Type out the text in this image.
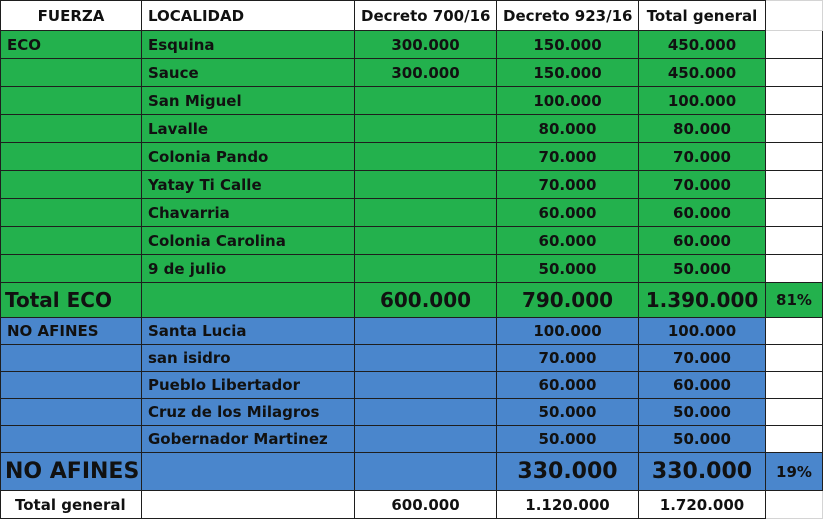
FUERZA	LOCALIDAD	Decreto 700/16	Decreto 923/16	Total general	
ECO	Esquina	300.000	150.000	450.000	
	Sauce	300.000	150.000	450.000	
	San Miguel		100.000	100.000	
	Lavalle		80.000	80.000	
	Colonia Pando		70.000	70.000	
	Yatay Ti Calle		70.000	70.000	
	Chavarria		60.000	60.000	
	Colonia Carolina		60.000	60.000	
	9 de julio		50.000	50.000	
Total ECO		600.000	790.000	1.390.000	81%
NO AFINES	Santa Lucia		100.000	100.000	
	san isidro		70.000	70.000	
	Pueblo Libertador		60.000	60.000	
	Cruz de los Milagros		50.000	50.000	
	Gobernador Martinez		50.000	50.000	
NO AFINES			330.000	330.000	19%
Total general		600.000	1.120.000	1.720.000	
